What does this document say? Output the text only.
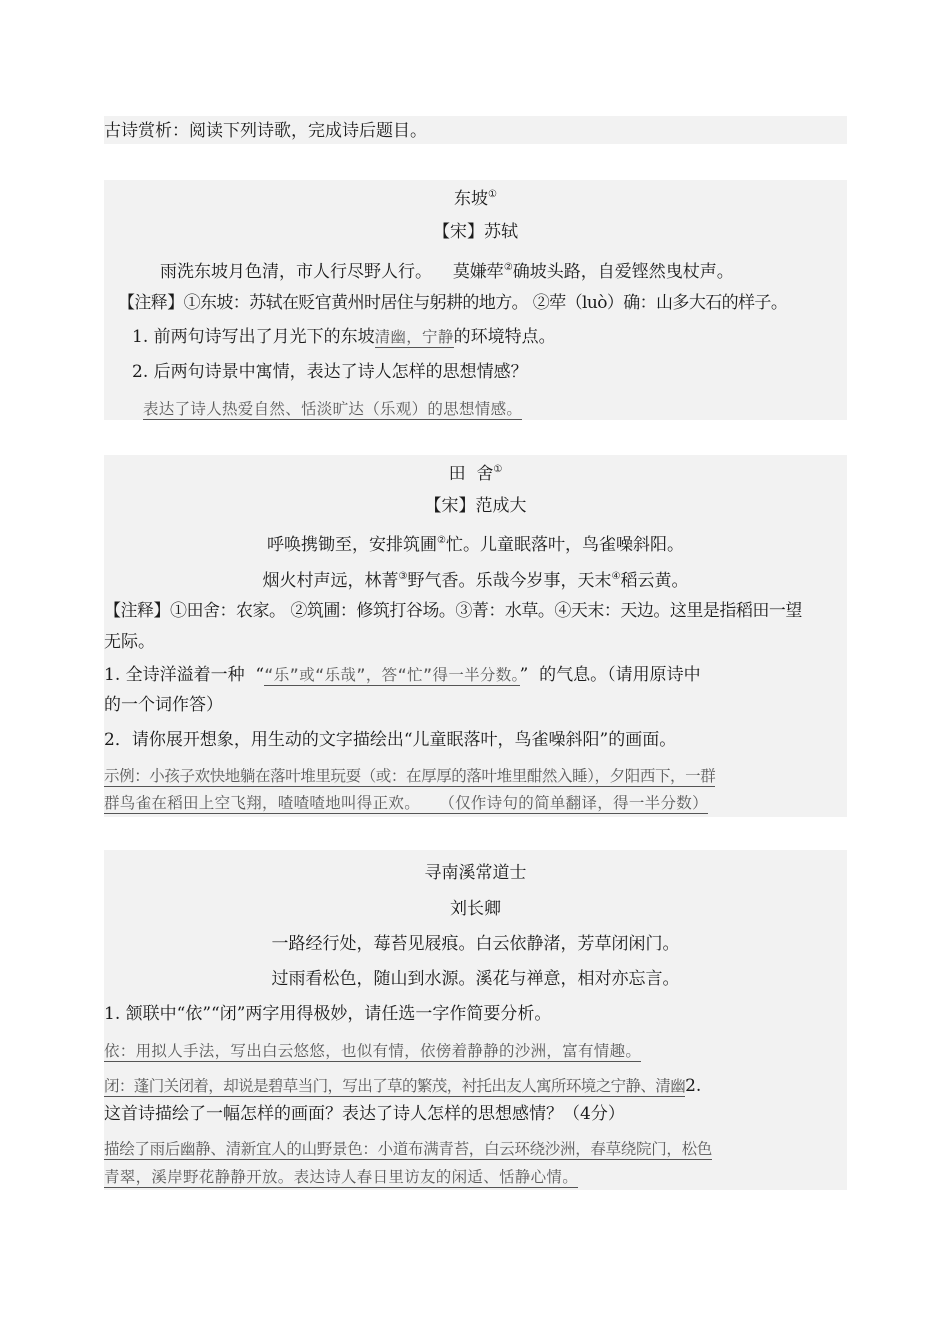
古诗赏析：阅读下列诗歌，完成诗后题目。
东坡①
【宋】苏轼
雨洗东坡月色清，市人行尽野人行。 莫嫌荦②确坡头路，自爱铿然曳杖声。
【注释】①东坡：苏轼在贬官黄州时居住与躬耕的地方。 ②荦（luò）确：山多大石的样子。
1. 前两句诗写出了月光下的东坡清幽，宁静的环境特点。
2. 后两句诗景中寓情，表达了诗人怎样的思想情感？
表达了诗人热爱自然、恬淡旷达（乐观）的思想情感。
田  舍①
【宋】范成大
呼唤携锄至，安排筑圃②忙。儿童眠落叶，鸟雀噪斜阳。
烟火村声远，林菁③野气香。乐哉今岁事，天末④稻云黄。
【注释】①田舍：农家。 ②筑圃：修筑打谷场。③菁：水草。④天末：天边。这里是指稻田一望
无际。
1. 全诗洋溢着一种  ““乐”或“乐哉”，答“忙”得一半分数。”  的气息。（请用原诗中
的一个词作答）
2．请你展开想象，用生动的文字描绘出“儿童眠落叶，鸟雀噪斜阳”的画面。
示例：小孩子欢快地躺在落叶堆里玩耍（或：在厚厚的落叶堆里酣然入睡），夕阳西下，一群
群鸟雀在稻田上空飞翔，喳喳喳地叫得正欢。  （仅作诗句的简单翻译，得一半分数）
寻南溪常道士
刘长卿
一路经行处，莓苔见屐痕。白云依静渚，芳草闭闲门。
过雨看松色，随山到水源。溪花与禅意，相对亦忘言。
1. 颔联中“依”“闭”两字用得极妙，请任选一字作简要分析。
依：用拟人手法，写出白云悠悠，也似有情，依傍着静静的沙洲，富有情趣。
闭：蓬门关闭着，却说是碧草当门，写出了草的繁茂，衬托出友人寓所环境之宁静、清幽2.
这首诗描绘了一幅怎样的画面？表达了诗人怎样的思想感情？（4分）
描绘了雨后幽静、清新宜人的山野景色：小道布满青苔，白云环绕沙洲，春草绕院门，松色
青翠，溪岸野花静静开放。表达诗人春日里访友的闲适、恬静心情。
